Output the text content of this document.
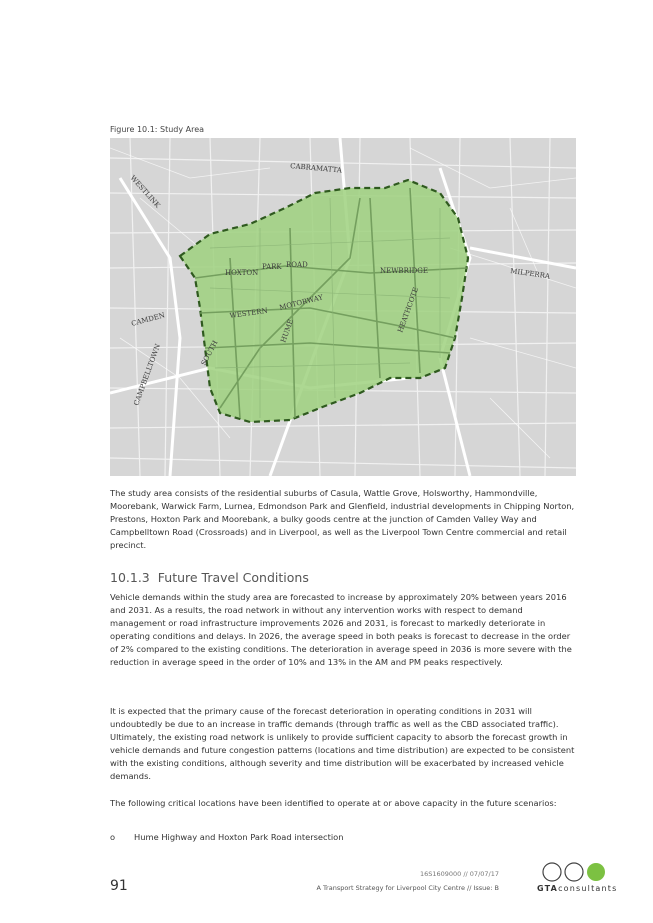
Figure 10.1: Study Area
HOXTON
PARK ROAD
WESTERN
MOTORWAY
SOUTH
HUME
NEWBRIDGE
HEATHCOTE
CAMDEN
CAMPBELLTOWN
WESTLINK
MILPERRA
CABRAMATTA

The study area consists of the residential suburbs of Casula, Wattle Grove, Holsworthy, Hammondville, Moorebank, Warwick Farm, Lurnea, Edmondson Park and Glenfield, industrial developments in Chipping Norton, Prestons, Hoxton Park and Moorebank, a bulky goods centre at the junction of Camden Valley Way and Campbelltown Road (Crossroads) and in Liverpool, as well as the Liverpool Town Centre commercial and retail precinct.

10.1.3 Future Travel Conditions

Vehicle demands within the study area are forecasted to increase by approximately 20% between years 2016 and 2031. As a results, the road network in without any intervention works with respect to demand management or road infrastructure improvements 2026 and 2031, is forecast to markedly deteriorate in operating conditions and delays. In 2026, the average speed in both peaks is forecast to decrease in the order of 2% compared to the existing conditions. The deterioration in average speed in 2036 is more severe with the reduction in average speed in the order of 10% and 13% in the AM and PM peaks respectively.

It is expected that the primary cause of the forecast deterioration in operating conditions in 2031 will undoubtedly be due to an increase in traffic demands (through traffic as well as the CBD associated traffic). Ultimately, the existing road network is unlikely to provide sufficient capacity to absorb the forecast growth in vehicle demands and future congestion patterns (locations and time distribution) are expected to be consistent with the existing conditions, although severity and time distribution will be exacerbated by increased vehicle demands.

The following critical locations have been identified to operate at or above capacity in the future scenarios:

o Hume Highway and Hoxton Park Road intersection
91
16S1609000 // 07/07/17
A Transport Strategy for Liverpool City Centre // Issue: B	GTAconsultants
